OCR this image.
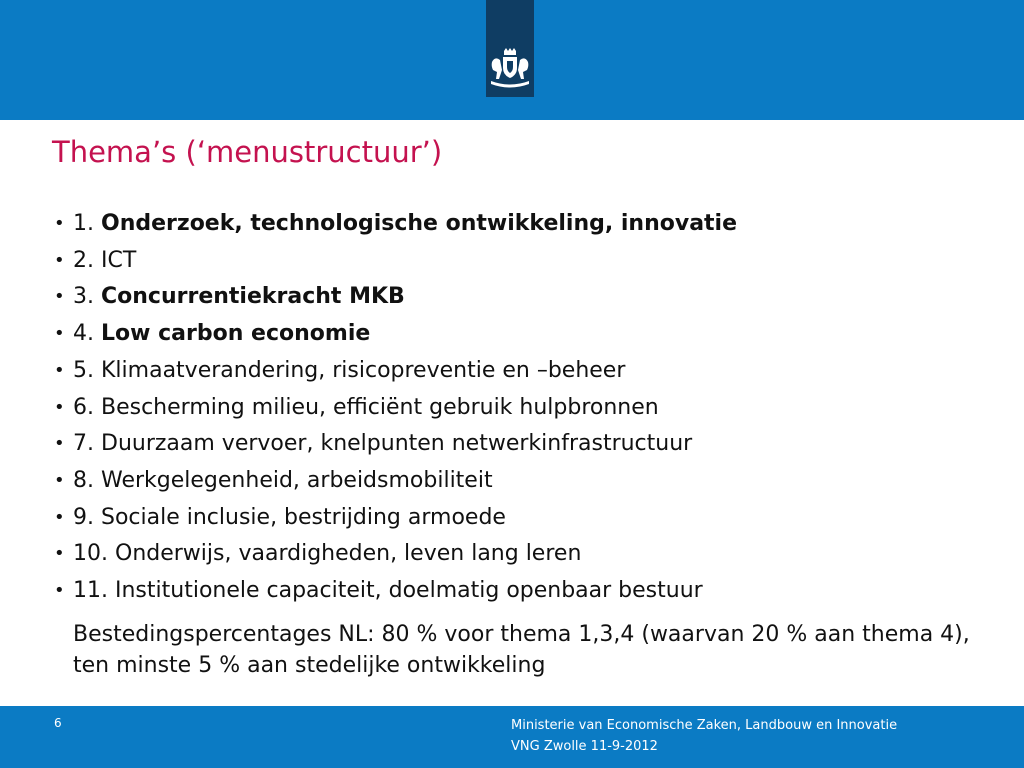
Thema’s (‘menustructuur’)
• 1. Onderzoek, technologische ontwikkeling, innovatie
• 2. ICT
• 3. Concurrentiekracht MKB
• 4. Low carbon economie
• 5. Klimaatverandering, risicopreventie en –beheer
• 6. Bescherming milieu, efficiënt gebruik hulpbronnen
• 7. Duurzaam vervoer, knelpunten netwerkinfrastructuur
• 8. Werkgelegenheid, arbeidsmobiliteit
• 9. Sociale inclusie, bestrijding armoede
• 10. Onderwijs, vaardigheden, leven lang leren
• 11. Institutionele capaciteit, doelmatig openbaar bestuur
Bestedingspercentages NL: 80 % voor thema 1,3,4 (waarvan 20 % aan thema 4), ten minste 5 % aan stedelijke ontwikkeling
6	Ministerie van Economische Zaken, Landbouw en Innovatie
VNG Zwolle 11-9-2012
